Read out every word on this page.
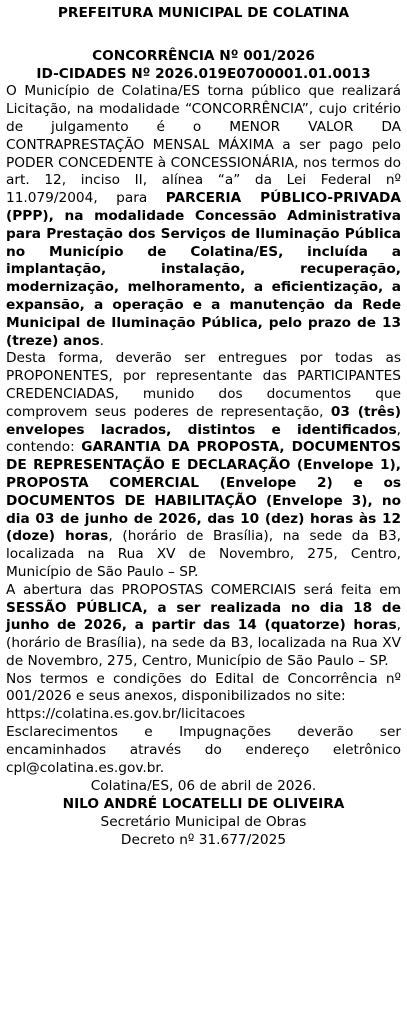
PREFEITURA MUNICIPAL DE COLATINA
CONCORRÊNCIA Nº 001/2026
ID-CIDADES Nº 2026.019E0700001.01.0013

O Município de Colatina/ES torna público que realizará Licitação, na modalidade “CONCORRÊNCIA”, cujo critério de julgamento é o MENOR VALOR DA CONTRAPRESTAÇÃO MENSAL MÁXIMA a ser pago pelo PODER CONCEDENTE à CONCESSIONÁRIA, nos termos do art. 12, inciso II, alínea “a” da Lei Federal nº 11.079/2004, para PARCERIA PÚBLICO-PRIVADA (PPP), na modalidade Concessão Administrativa para Prestação dos Serviços de Iluminação Pública no Município de Colatina/ES, incluída a implantação, instalação, recuperação, modernização, melhoramento, a eficientização, a expansão, a operação e a manutenção da Rede Municipal de Iluminação Pública, pelo prazo de 13 (treze) anos.

Desta forma, deverão ser entregues por todas as PROPONENTES, por representante das PARTICIPANTES CREDENCIADAS, munido dos documentos que comprovem seus poderes de representação, 03 (três) envelopes lacrados, distintos e identificados, contendo: GARANTIA DA PROPOSTA, DOCUMENTOS DE REPRESENTAÇÃO E DECLARAÇÃO (Envelope 1), PROPOSTA COMERCIAL (Envelope 2) e os DOCUMENTOS DE HABILITAÇÃO (Envelope 3), no dia 03 de junho de 2026, das 10 (dez) horas às 12 (doze) horas, (horário de Brasília), na sede da B3, localizada na Rua XV de Novembro, 275, Centro, Município de São Paulo – SP.

A abertura das PROPOSTAS COMERCIAIS será feita em SESSÃO PÚBLICA, a ser realizada no dia 18 de junho de 2026, a partir das 14 (quatorze) horas, (horário de Brasília), na sede da B3, localizada na Rua XV de Novembro, 275, Centro, Município de São Paulo – SP.

Nos termos e condições do Edital de Concorrência nº 001/2026 e seus anexos, disponibilizados no site:
https://colatina.es.gov.br/licitacoes

Esclarecimentos e Impugnações deverão ser encaminhados através do endereço eletrônico cpl@colatina.es.gov.br.

Colatina/ES, 06 de abril de 2026.
NILO ANDRÉ LOCATELLI DE OLIVEIRA
Secretário Municipal de Obras
Decreto nº 31.677/2025
